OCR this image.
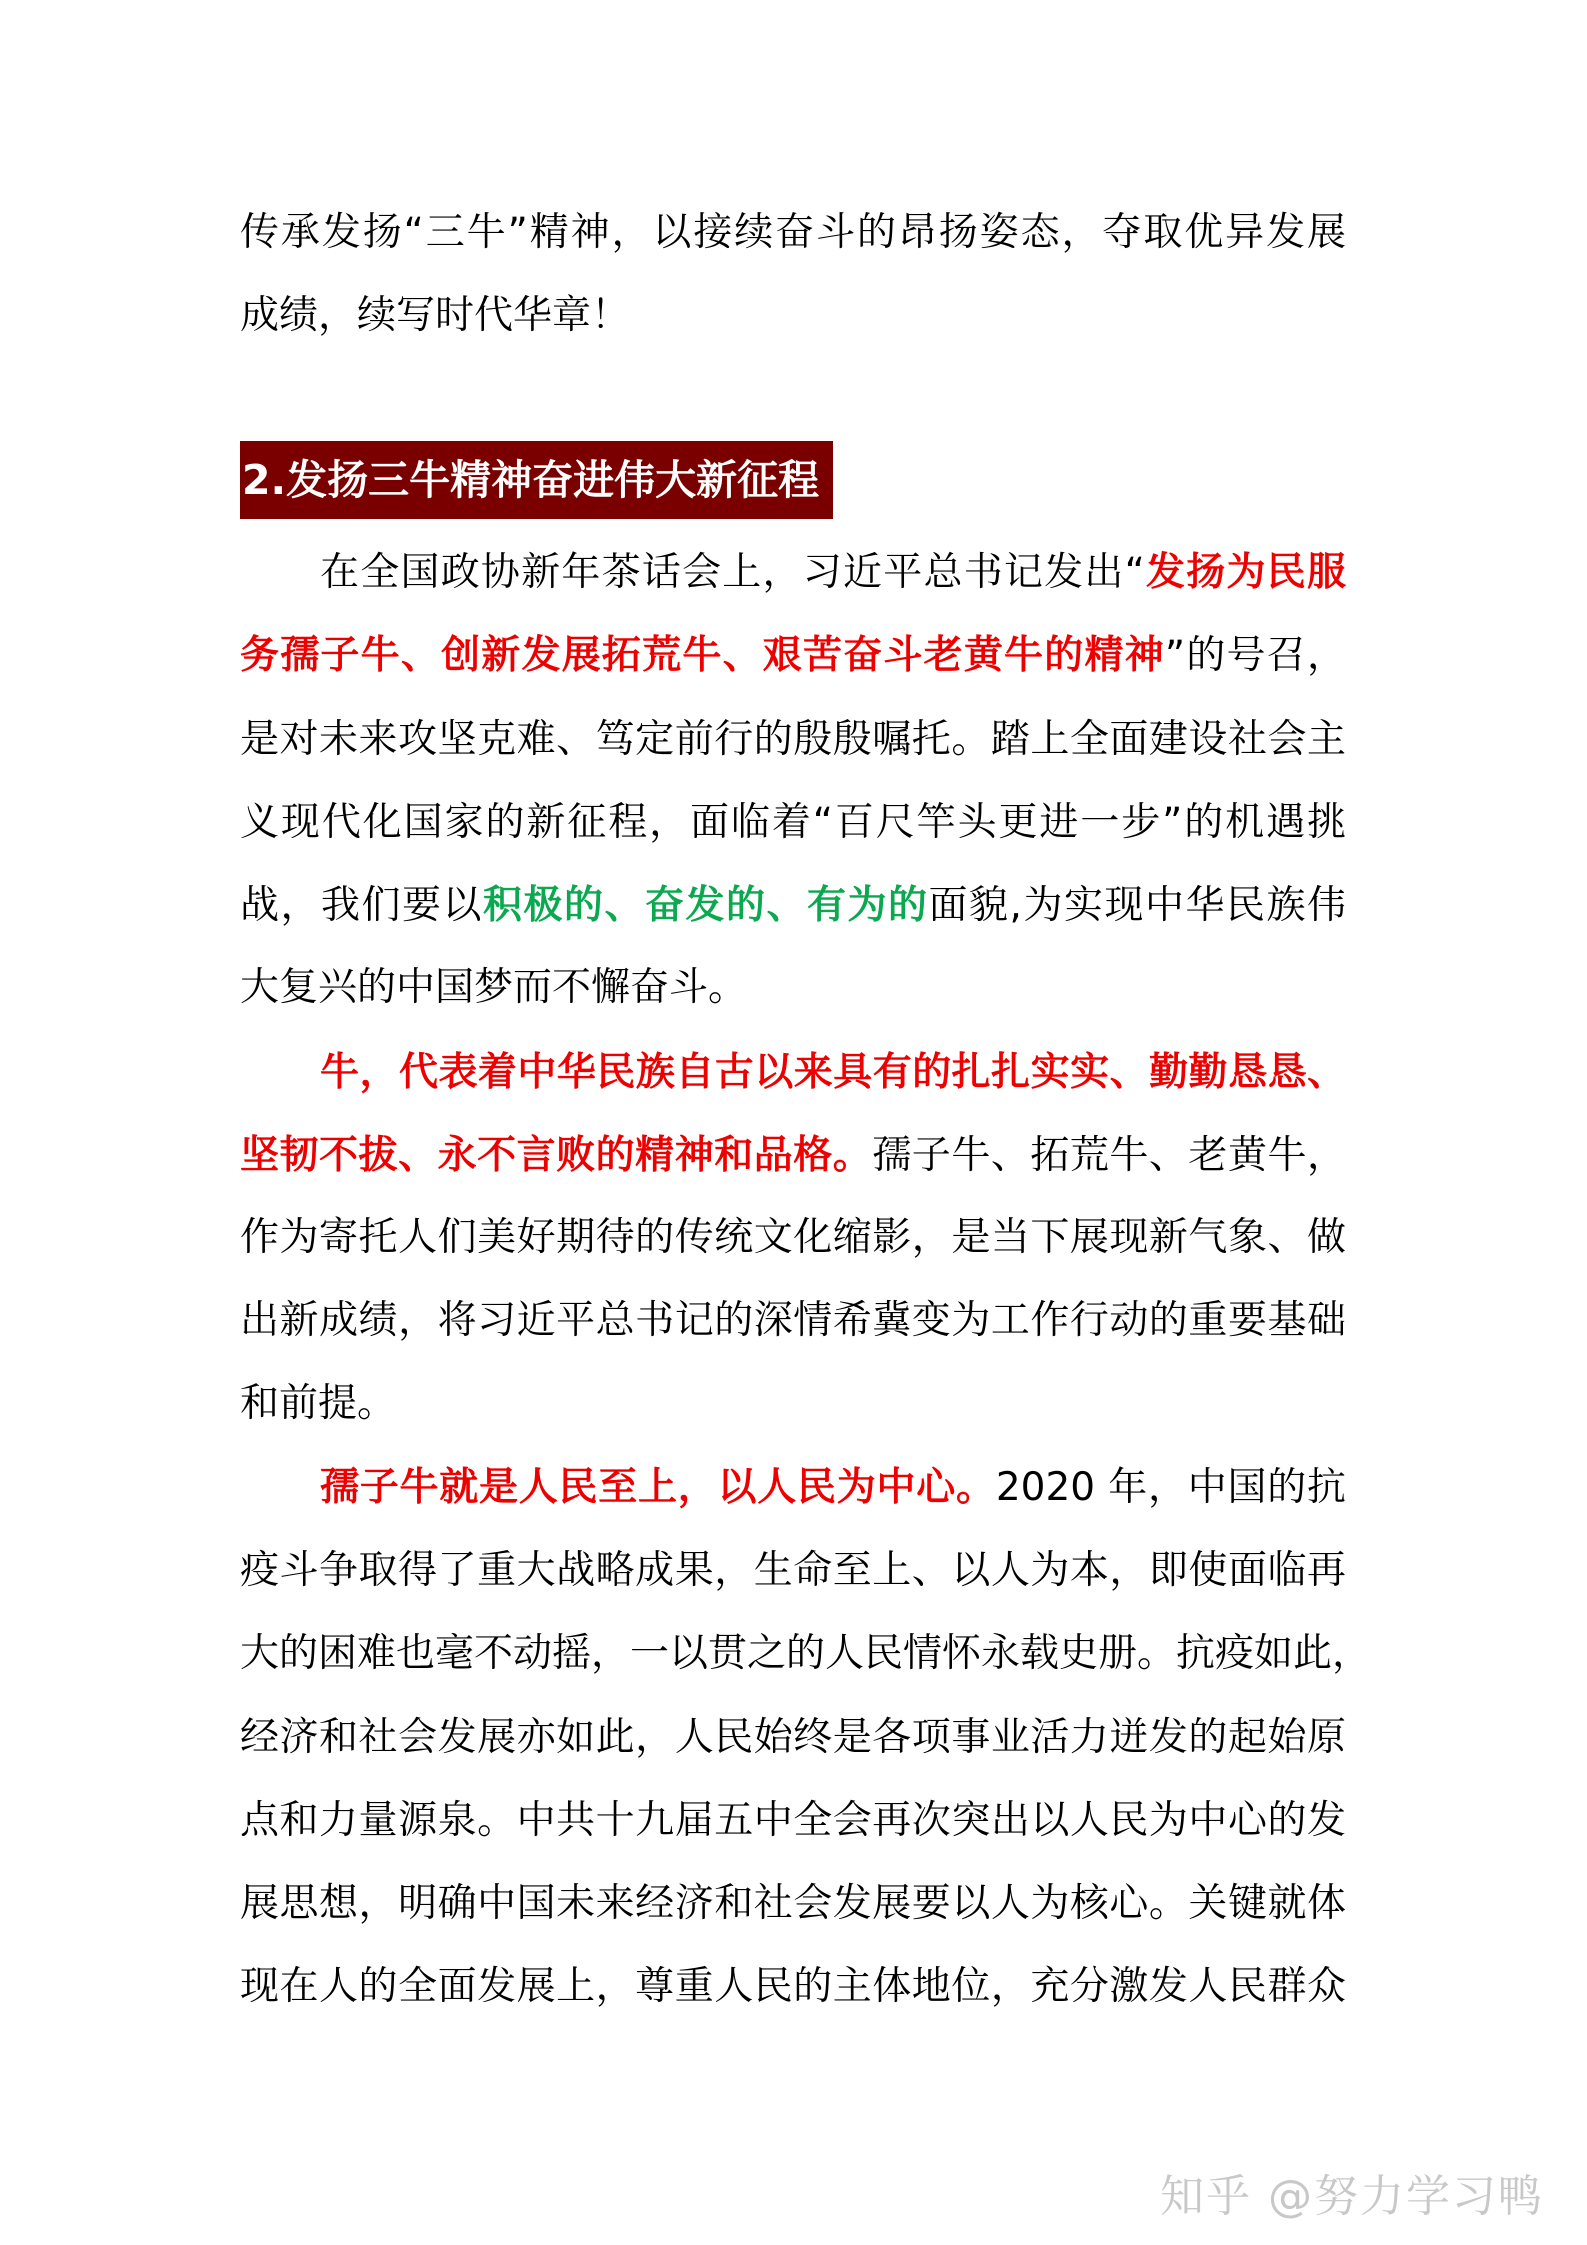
传承发扬“三牛”精神，以接续奋斗的昂扬姿态，夺取优异发展
成绩，续写时代华章！
2.发扬三牛精神奋进伟大新征程
在全国政协新年茶话会上，习近平总书记发出“发扬为民服
务孺子牛、创新发展拓荒牛、艰苦奋斗老黄牛的精神”的号召，
是对未来攻坚克难、笃定前行的殷殷嘱托。踏上全面建设社会主
义现代化国家的新征程，面临着“百尺竿头更进一步”的机遇挑
战，我们要以积极的、奋发的、有为的面貌,为实现中华民族伟
大复兴的中国梦而不懈奋斗。
牛，代表着中华民族自古以来具有的扎扎实实、勤勤恳恳、
坚韧不拔、永不言败的精神和品格。孺子牛、拓荒牛、老黄牛，
作为寄托人们美好期待的传统文化缩影，是当下展现新气象、做
出新成绩，将习近平总书记的深情希冀变为工作行动的重要基础
和前提。
孺子牛就是人民至上，以人民为中心。2020 年，中国的抗
疫斗争取得了重大战略成果，生命至上、以人为本，即使面临再
大的困难也毫不动摇，一以贯之的人民情怀永载史册。抗疫如此，
经济和社会发展亦如此，人民始终是各项事业活力迸发的起始原
点和力量源泉。中共十九届五中全会再次突出以人民为中心的发
展思想，明确中国未来经济和社会发展要以人为核心。关键就体
现在人的全面发展上，尊重人民的主体地位，充分激发人民群众
知乎 @努力学习鸭
